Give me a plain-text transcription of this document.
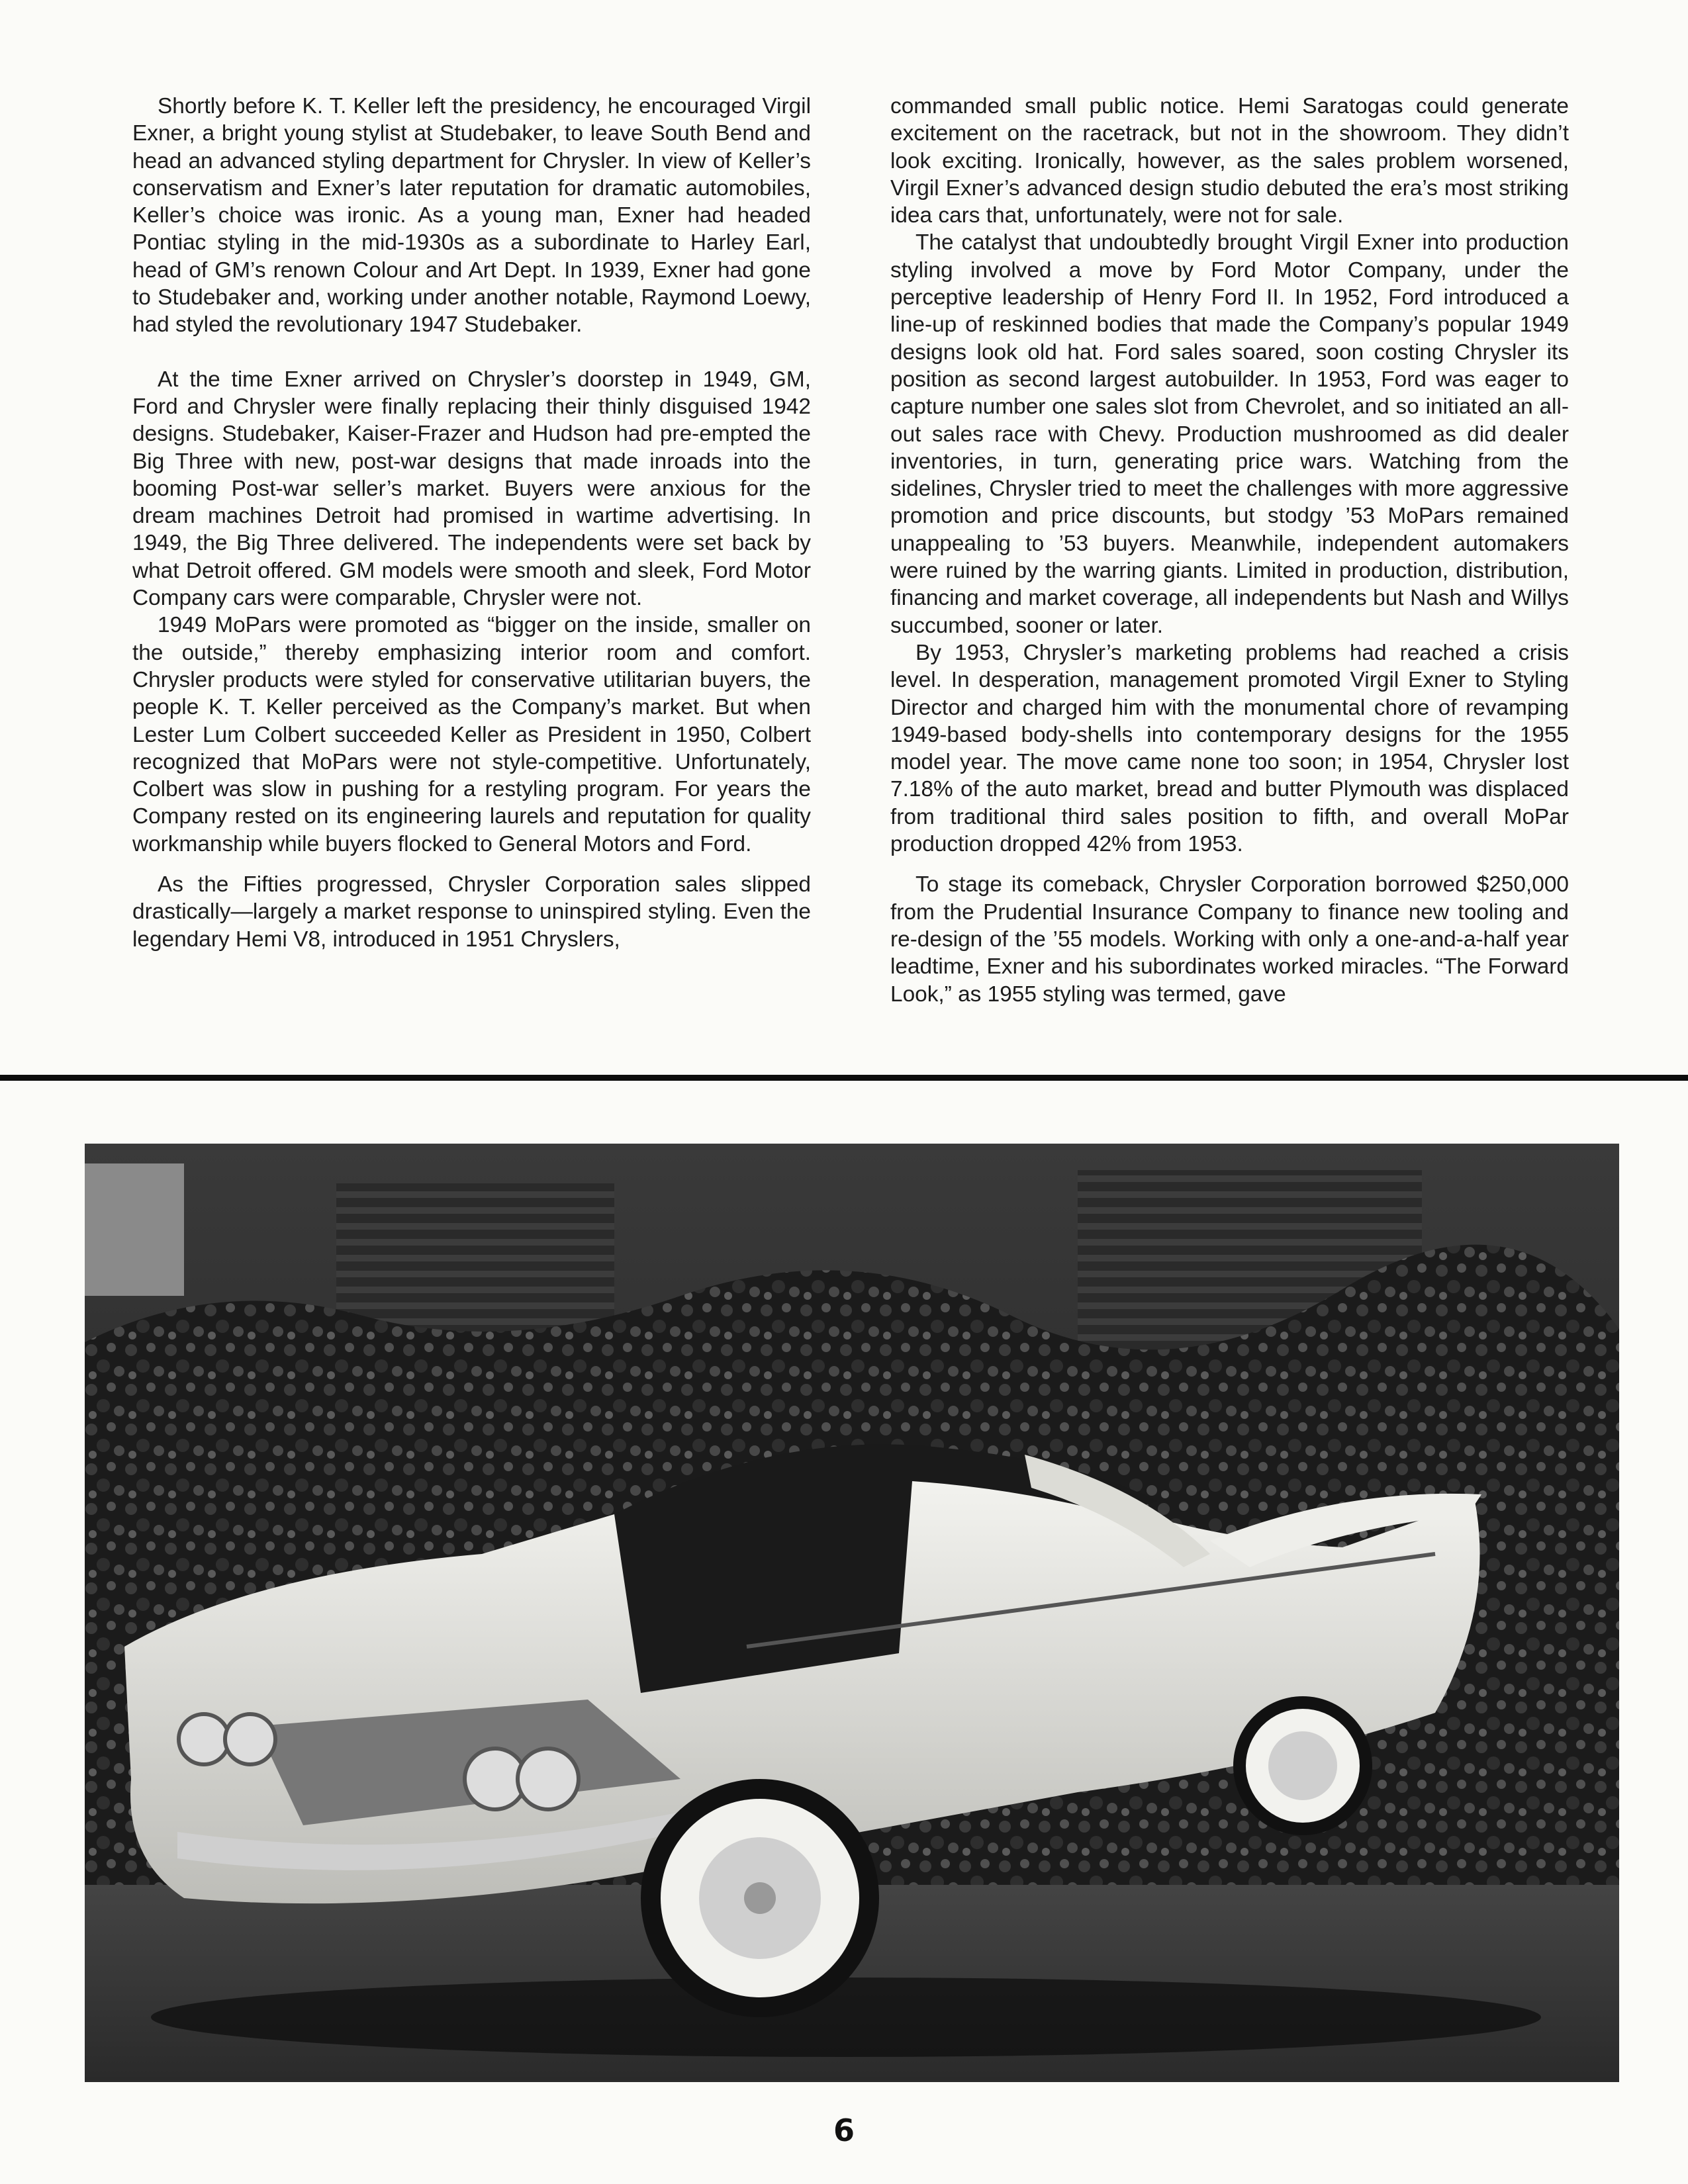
Shortly before K. T. Keller left the presidency, he encouraged Virgil Exner, a bright young stylist at Studebaker, to leave South Bend and head an advanced styling department for Chrysler. In view of Keller’s conservatism and Exner’s later reputation for dramatic automobiles, Keller’s choice was ironic. As a young man, Exner had headed Pontiac styling in the mid-1930s as a subordinate to Harley Earl, head of GM’s renown Colour and Art Dept. In 1939, Exner had gone to Studebaker and, working under another notable, Raymond Loewy, had styled the revolutionary 1947 Studebaker.

At the time Exner arrived on Chrysler’s doorstep in 1949, GM, Ford and Chrysler were finally replacing their thinly disguised 1942 designs. Studebaker, Kaiser-Frazer and Hudson had pre-empted the Big Three with new, post-war designs that made inroads into the booming Post-war seller’s market. Buyers were anxious for the dream machines Detroit had promised in wartime advertising. In 1949, the Big Three delivered. The independents were set back by what Detroit offered. GM models were smooth and sleek, Ford Motor Company cars were comparable, Chrysler were not.

1949 MoPars were promoted as “bigger on the inside, smaller on the outside,” thereby emphasizing interior room and comfort. Chrysler products were styled for conservative utilitarian buyers, the people K. T. Keller perceived as the Company’s market. But when Lester Lum Colbert succeeded Keller as President in 1950, Colbert recognized that MoPars were not style-competitive. Unfortunately, Colbert was slow in pushing for a restyling program. For years the Company rested on its engineering laurels and reputation for quality workmanship while buyers flocked to General Motors and Ford.

As the Fifties progressed, Chrysler Corporation sales slipped drastically—largely a market response to uninspired styling. Even the legendary Hemi V8, introduced in 1951 Chryslers,

commanded small public notice. Hemi Saratogas could generate excitement on the racetrack, but not in the showroom. They didn’t look exciting. Ironically, however, as the sales problem worsened, Virgil Exner’s advanced design studio debuted the era’s most striking idea cars that, unfortunately, were not for sale.

The catalyst that undoubtedly brought Virgil Exner into production styling involved a move by Ford Motor Company, under the perceptive leadership of Henry Ford II. In 1952, Ford introduced a line-up of reskinned bodies that made the Company’s popular 1949 designs look old hat. Ford sales soared, soon costing Chrysler its position as second largest autobuilder. In 1953, Ford was eager to capture number one sales slot from Chevrolet, and so initiated an all-out sales race with Chevy. Production mushroomed as did dealer inventories, in turn, generating price wars. Watching from the sidelines, Chrysler tried to meet the challenges with more aggressive promotion and price discounts, but stodgy ’53 MoPars remained unappealing to ’53 buyers. Meanwhile, independent automakers were ruined by the warring giants. Limited in production, distribution, financing and market coverage, all independents but Nash and Willys succumbed, sooner or later.

By 1953, Chrysler’s marketing problems had reached a crisis level. In desperation, management promoted Virgil Exner to Styling Director and charged him with the monumental chore of revamping 1949-based body-shells into contemporary designs for the 1955 model year. The move came none too soon; in 1954, Chrysler lost 7.18% of the auto market, bread and butter Plymouth was displaced from traditional third sales position to fifth, and overall MoPar production dropped 42% from 1953.

To stage its comeback, Chrysler Corporation borrowed $250,000 from the Prudential Insurance Company to finance new tooling and re-design of the ’55 models. Working with only a one-and-a-half year leadtime, Exner and his subordinates worked miracles. “The Forward Look,” as 1955 styling was termed, gave

6
